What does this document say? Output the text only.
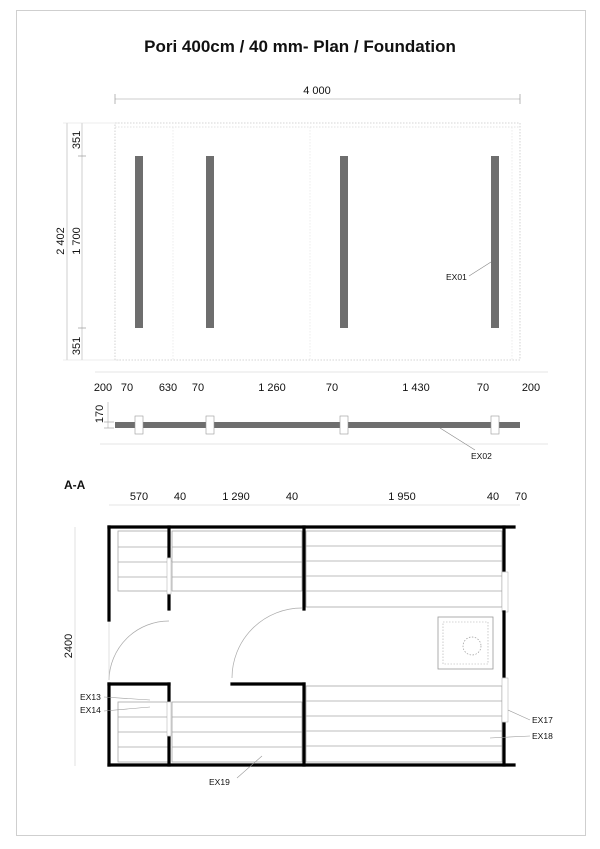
Pori 400cm / 40 mm- Plan / Foundation
4 000
EX01
2 402 1 700
351
351
200 70 630 70	1 260	70	1 430	70	200
170
EX02
A-A
570 40	1 290	40	1 950	40 70
2400
EX13
EX14
EX17
EX18
EX19
